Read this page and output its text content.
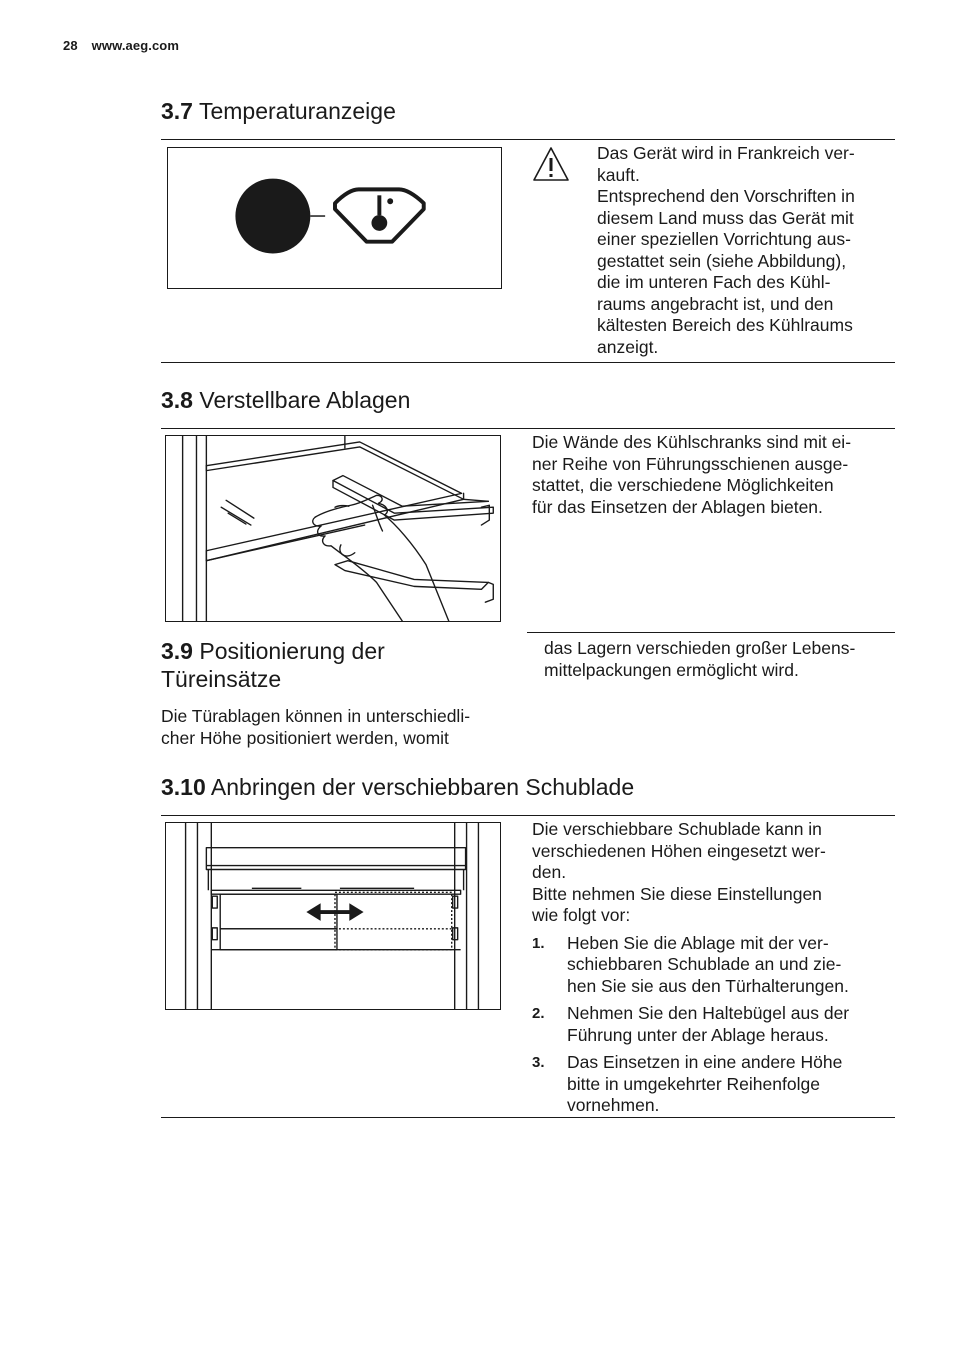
28 www.aeg.com
3.7 Temperaturanzeige

Das Gerät wird in Frankreich ver-
kauft.
Entsprechend den Vorschriften in
diesem Land muss das Gerät mit
einer speziellen Vorrichtung aus-
gestattet sein (siehe Abbildung),
die im unteren Fach des Kühl-
raums angebracht ist, und den
kältesten Bereich des Kühlraums
anzeigt.

3.8 Verstellbare Ablagen

Die Wände des Kühlschranks sind mit ei-
ner Reihe von Führungsschienen ausge-
stattet, die verschiedene Möglichkeiten
für das Einsetzen der Ablagen bieten.

3.9 Positionierung der
Türeinsätze

Die Türablagen können in unterschiedli-
cher Höhe positioniert werden, womit

das Lagern verschieden großer Lebens-
mittelpackungen ermöglicht wird.

3.10 Anbringen der verschiebbaren Schublade

Die verschiebbare Schublade kann in
verschiedenen Höhen eingesetzt wer-
den.
Bitte nehmen Sie diese Einstellungen
wie folgt vor:

1. Heben Sie die Ablage mit der ver-
schiebbaren Schublade an und zie-
hen Sie sie aus den Türhalterungen.
2. Nehmen Sie den Haltebügel aus der
Führung unter der Ablage heraus.
3. Das Einsetzen in eine andere Höhe
bitte in umgekehrter Reihenfolge
vornehmen.
